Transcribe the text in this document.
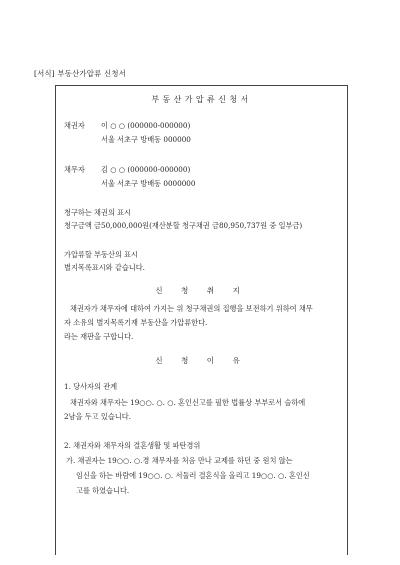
[서식] 부동산가압류 신청서
부동산가압류신청서
채권자 이 ○ ○ (000000-000000)
서울 서초구 방배동 000000
채무자 김 ○ ○ (000000-000000)
서울 서초구 방배동 0000000
청구하는 채권의 표시
청구금액 금50,000,000원(재산분할 청구채권 금80,950,737원 중 일부금)
가압류할 부동산의 표시
별지목록표시와 같습니다.
신 청 취 지
채권자가 채무자에 대하여 가지는 위 청구채권의 집행을 보전하기 위하여 채무
자 소유의 별지목록기재 부동산을 가압류한다.
라는 재판을 구합니다.
신 청 이 유
1. 당사자의 관계
채권자와 채무자는 19○○. ○. ○. 혼인신고를 필한 법률상 부부로서 슬하에
2남을 두고 있습니다.
2. 채권자와 채무자의 결혼생활 및 파탄경위
가. 채권자는 19○○. ○.경 채무자를 처음 만나 교제를 하던 중 원치 않는
임신을 하는 바람에 19○○. ○. 서둘러 결혼식을 올리고 19○○. ○. 혼인신
고를 하였습니다.
